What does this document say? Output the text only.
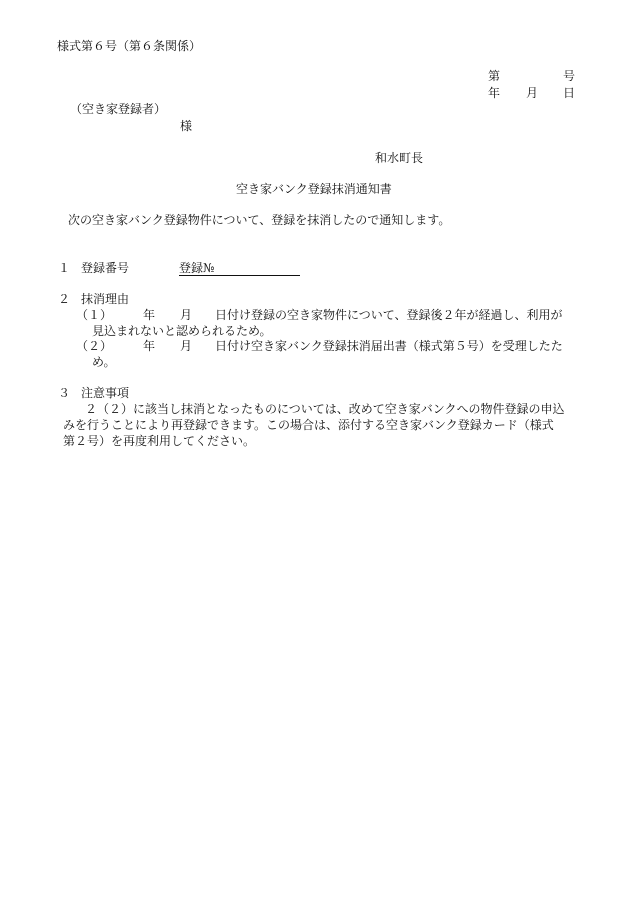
様式第６号（第６条関係）
第	号
年 月 日
（空き家登録者）
様
和水町長
空き家バンク登録抹消通知書
次の空き家バンク登録物件について、登録を抹消したので通知します。
１ 登録番号	登録№
２ 抹消理由
（１）	年 月 日付け登録の空き家物件について、登録後２年が経過し、利用が
見込まれないと認められるため。
（２）	年 月 日付け空き家バンク登録抹消届出書（様式第５号）を受理したた
め。
３ 注意事項
２（２）に該当し抹消となったものについては、改めて空き家バンクへの物件登録の申込
みを行うことにより再登録できます。この場合は、添付する空き家バンク登録カード（様式
第２号）を再度利用してください。
